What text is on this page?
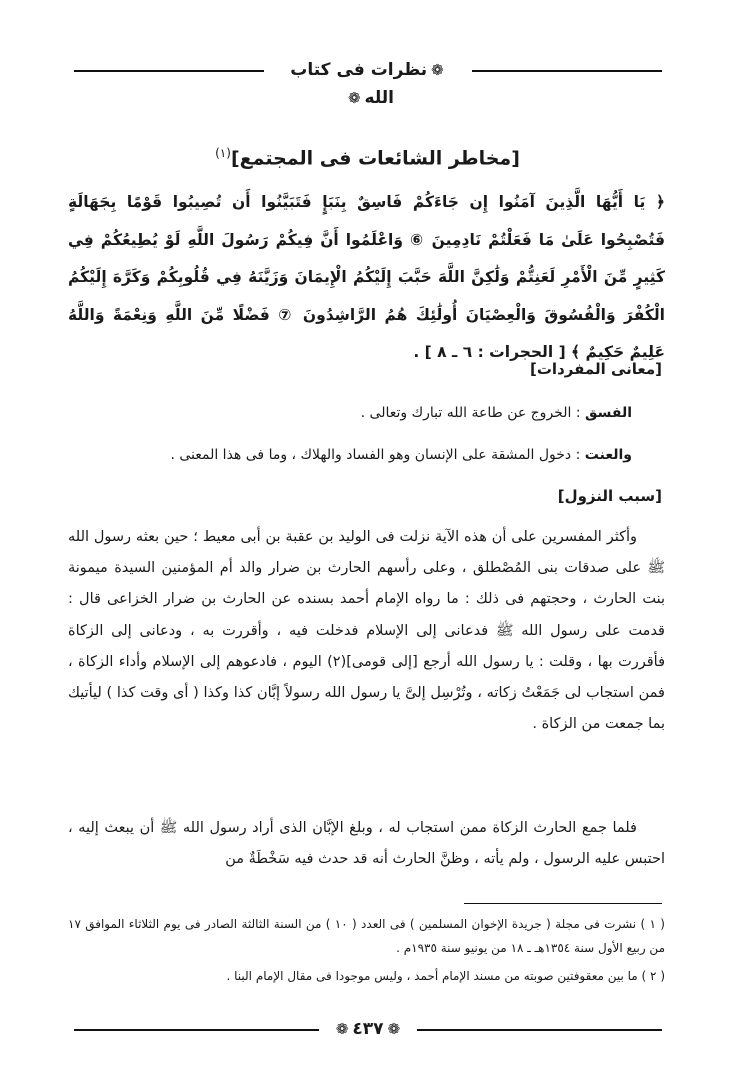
❁نظرات فى كتاب الله❁
[مخاطر الشائعات فى المجتمع]$^{(١)}$
﴿ يَا أَيُّهَا الَّذِينَ آمَنُوا إِن جَاءَكُمْ فَاسِقٌ بِنَبَإٍ فَتَبَيَّنُوا أَن تُصِيبُوا قَوْمًا بِجَهَالَةٍ فَتُصْبِحُوا عَلَىٰ مَا فَعَلْتُمْ نَادِمِينَ ⑥ وَاعْلَمُوا أَنَّ فِيكُمْ رَسُولَ اللَّهِ لَوْ يُطِيعُكُمْ فِي كَثِيرٍ مِّنَ الْأَمْرِ لَعَنِتُّمْ وَلَٰكِنَّ اللَّهَ حَبَّبَ إِلَيْكُمُ الْإِيمَانَ وَزَيَّنَهُ فِي قُلُوبِكُمْ وَكَرَّهَ إِلَيْكُمُ الْكُفْرَ وَالْفُسُوقَ وَالْعِصْيَانَ أُولَٰئِكَ هُمُ الرَّاشِدُونَ ⑦ فَضْلًا مِّنَ اللَّهِ وَنِعْمَةً وَاللَّهُ عَلِيمٌ حَكِيمٌ ﴾ [ الحجرات : ٦ ـ ٨ ] .
[معانى المفردات]
الفسق : الخروج عن طاعة الله تبارك وتعالى .
والعنت : دخول المشقة على الإنسان وهو الفساد والهلاك ، وما فى هذا المعنى .
[سبب النزول]
وأكثر المفسرين على أن هذه الآية نزلت فى الوليد بن عقبة بن أبى معيط ؛ حين بعثه رسول الله ﷺ على صدقات بنى المُصْطلق ، وعلى رأسهم الحارث بن ضرار والد أم المؤمنين السيدة ميمونة بنت الحارث ، وحجتهم فى ذلك : ما رواه الإمام أحمد بسنده عن الحارث بن ضرار الخزاعى قال : قدمت على رسول الله ﷺ فدعانى إلى الإسلام فدخلت فيه ، وأقررت به ، ودعانى إلى الزكاة فأقررت بها ، وقلت : يا رسول الله أرجع [إلى قومى](٢) اليوم ، فادعوهم إلى الإسلام وأداء الزكاة ، فمن استجاب لى جَمَعْتُ زكاته ، وتُرْسِل إلىَّ يا رسول الله رسولاً إبَّان كذا وكذا ( أى وقت كذا ) ليأتيك بما جمعت من الزكاة .
فلما جمع الحارث الزكاة ممن استجاب له ، وبلغ الإبَّان الذى أراد رسول الله ﷺ أن يبعث إليه ، احتبس عليه الرسول ، ولم يأته ، وظنَّ الحارث أنه قد حدث فيه سَخْطَةٌ من

( ١ ) نشرت فى مجلة ( جريدة الإخوان المسلمين ) فى العدد ( ١٠ ) من السنة الثالثة الصادر فى يوم الثلاثاء الموافق ١٧ من ربيع الأول سنة ١٣٥٤هـ ـ ١٨ من يونيو سنة ١٩٣٥م .

( ٢ ) ما بين معقوفتين صوبته من مسند الإمام أحمد ، وليس موجودا فى مقال الإمام البنا .

❁٤٣٧❁
